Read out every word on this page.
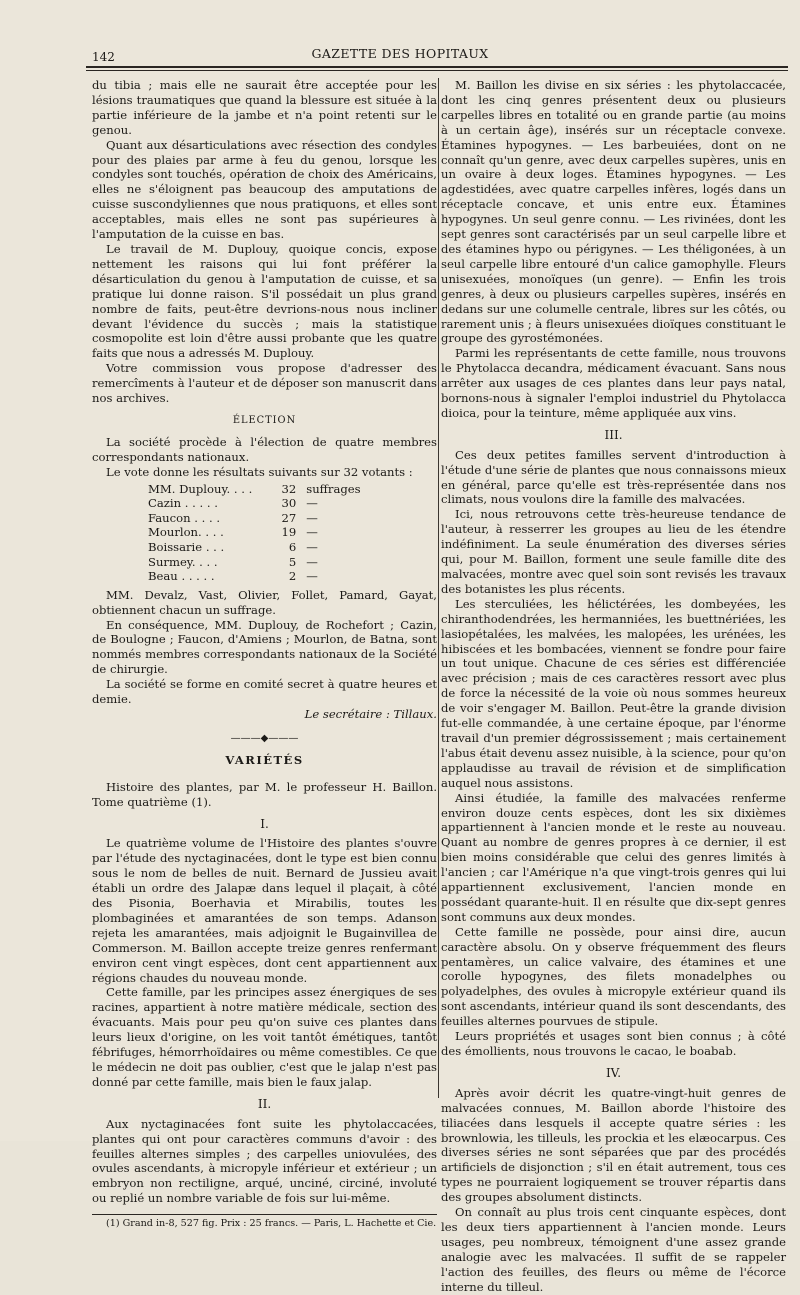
142	GAZETTE DES HOPITAUX

du tibia ; mais elle ne saurait être acceptée pour les lésions traumatiques que quand la blessure est située à la partie inférieure de la jambe et n'a point retenti sur le genou.

Quant aux désarticulations avec résection des condyles pour des plaies par arme à feu du genou, lorsque les condyles sont touchés, opération de choix des Américains, elles ne s'éloignent pas beaucoup des amputations de cuisse suscondyliennes que nous pratiquons, et elles sont acceptables, mais elles ne sont pas supérieures à l'amputation de la cuisse en bas.

Le travail de M. Duplouy, quoique concis, expose nettement les raisons qui lui font préférer la désarticulation du genou à l'amputation de cuisse, et sa pratique lui donne raison. S'il possédait un plus grand nombre de faits, peut-être devrions-nous nous incliner devant l'évidence du succès ; mais la statistique cosmopolite est loin d'être aussi probante que les quatre faits que nous a adressés M. Duplouy.

Votre commission vous propose d'adresser des remercîments à l'auteur et de déposer son manuscrit dans nos archives.

ÉLECTION

La société procède à l'élection de quatre membres correspondants nationaux.

Le vote donne les résultats suivants sur 32 votants :

MM. Duplouy. . . .	32	suffrages
Cazin . . . . .	30	—
Faucon . . . .	27	—
Mourlon. . . .	19	—
Boissarie . . .	6	—
Surmey. . . .	5	—
Beau . . . . .	2	—

MM. Devalz, Vast, Olivier, Follet, Pamard, Gayat, obtiennent chacun un suffrage.

En conséquence, MM. Duplouy, de Rochefort ; Cazin, de Boulogne ; Faucon, d'Amiens ; Mourlon, de Batna, sont nommés membres correspondants nationaux de la Société de chirurgie.

La société se forme en comité secret à quatre heures et demie.

Le secrétaire : Tillaux.

———◆———
VARIÉTÉS

Histoire des plantes, par M. le professeur H. Baillon. Tome quatrième (1).

I.

Le quatrième volume de l'Histoire des plantes s'ouvre par l'étude des nyctaginacées, dont le type est bien connu sous le nom de belles de nuit. Bernard de Jussieu avait établi un ordre des Jalapæ dans lequel il plaçait, à côté des Pisonia, Boerhavia et Mirabilis, toutes les plombaginées et amarantées de son temps. Adanson rejeta les amarantées, mais adjoignit le Bugainvillea de Commerson. M. Baillon accepte treize genres renfermant environ cent vingt espèces, dont cent appartiennent aux régions chaudes du nouveau monde.

Cette famille, par les principes assez énergiques de ses racines, appartient à notre matière médicale, section des évacuants. Mais pour peu qu'on suive ces plantes dans leurs lieux d'origine, on les voit tantôt émétiques, tantôt fébrifuges, hémorrhoïdaires ou même comestibles. Ce que le médecin ne doit pas oublier, c'est que le jalap n'est pas donné par cette famille, mais bien le faux jalap.

II.

Aux nyctaginacées font suite les phytolaccacées, plantes qui ont pour caractères communs d'avoir : des feuilles alternes simples ; des carpelles uniovulées, des ovules ascendants, à micropyle inférieur et extérieur ; un embryon non rectiligne, arqué, unciné, circiné, involuté ou replié un nombre variable de fois sur lui-même.

(1) Grand in-8, 527 fig. Prix : 25 francs. — Paris, L. Hachette et Cie.

M. Baillon les divise en six séries : les phytolaccacée, dont les cinq genres présentent deux ou plusieurs carpelles libres en totalité ou en grande partie (au moins à un certain âge), insérés sur un réceptacle convexe. Étamines hypogynes. — Les barbeuiées, dont on ne connaît qu'un genre, avec deux carpelles supères, unis en un ovaire à deux loges. Étamines hypogynes. — Les agdestidées, avec quatre carpelles infères, logés dans un réceptacle concave, et unis entre eux. Étamines hypogynes. Un seul genre connu. — Les rivinées, dont les sept genres sont caractérisés par un seul carpelle libre et des étamines hypo ou périgynes. — Les théligonées, à un seul carpelle libre entouré d'un calice gamophylle. Fleurs unisexuées, monoïques (un genre). — Enfin les trois genres, à deux ou plusieurs carpelles supères, insérés en dedans sur une columelle centrale, libres sur les côtés, ou rarement unis ; à fleurs unisexuées dioïques constituant le groupe des gyrostémonées.

Parmi les représentants de cette famille, nous trouvons le Phytolacca decandra, médicament évacuant. Sans nous arrêter aux usages de ces plantes dans leur pays natal, bornons-nous à signaler l'emploi industriel du Phytolacca dioica, pour la teinture, même appliquée aux vins.

III.

Ces deux petites familles servent d'introduction à l'étude d'une série de plantes que nous connaissons mieux en général, parce qu'elle est très-représentée dans nos climats, nous voulons dire la famille des malvacées.

Ici, nous retrouvons cette très-heureuse tendance de l'auteur, à resserrer les groupes au lieu de les étendre indéfiniment. La seule énumération des diverses séries qui, pour M. Baillon, forment une seule famille dite des malvacées, montre avec quel soin sont revisés les travaux des botanistes les plus récents.

Les sterculiées, les hélictérées, les dombeyées, les chiranthodendrées, les hermanniées, les buettnériées, les lasiopétalées, les malvées, les malopées, les urénées, les hibiscées et les bombacées, viennent se fondre pour faire un tout unique. Chacune de ces séries est différenciée avec précision ; mais de ces caractères ressort avec plus de force la nécessité de la voie où nous sommes heureux de voir s'engager M. Baillon. Peut-être la grande division fut-elle commandée, à une certaine époque, par l'énorme travail d'un premier dégrossissement ; mais certainement l'abus était devenu assez nuisible, à la science, pour qu'on applaudisse au travail de révision et de simplification auquel nous assistons.

Ainsi étudiée, la famille des malvacées renferme environ douze cents espèces, dont les six dixièmes appartiennent à l'ancien monde et le reste au nouveau. Quant au nombre de genres propres à ce dernier, il est bien moins considérable que celui des genres limités à l'ancien ; car l'Amérique n'a que vingt-trois genres qui lui appartiennent exclusivement, l'ancien monde en possédant quarante-huit. Il en résulte que dix-sept genres sont communs aux deux mondes.

Cette famille ne possède, pour ainsi dire, aucun caractère absolu. On y observe fréquemment des fleurs pentamères, un calice valvaire, des étamines et une corolle hypogynes, des filets monadelphes ou polyadelphes, des ovules à micropyle extérieur quand ils sont ascendants, intérieur quand ils sont descendants, des feuilles alternes pourvues de stipule.

Leurs propriétés et usages sont bien connus ; à côté des émollients, nous trouvons le cacao, le boabab.

IV.

Après avoir décrit les quatre-vingt-huit genres de malvacées connues, M. Baillon aborde l'histoire des tiliacées dans lesquels il accepte quatre séries : les brownlowia, les tilleuls, les prockia et les elæocarpus. Ces diverses séries ne sont séparées que par des procédés artificiels de disjonction ; s'il en était autrement, tous ces types ne pourraient logiquement se trouver répartis dans des groupes absolument distincts.

On connaît au plus trois cent cinquante espèces, dont les deux tiers appartiennent à l'ancien monde. Leurs usages, peu nombreux, témoignent d'une assez grande analogie avec les malvacées. Il suffit de se rappeler l'action des feuilles, des fleurs ou même de l'écorce interne du tilleul.
